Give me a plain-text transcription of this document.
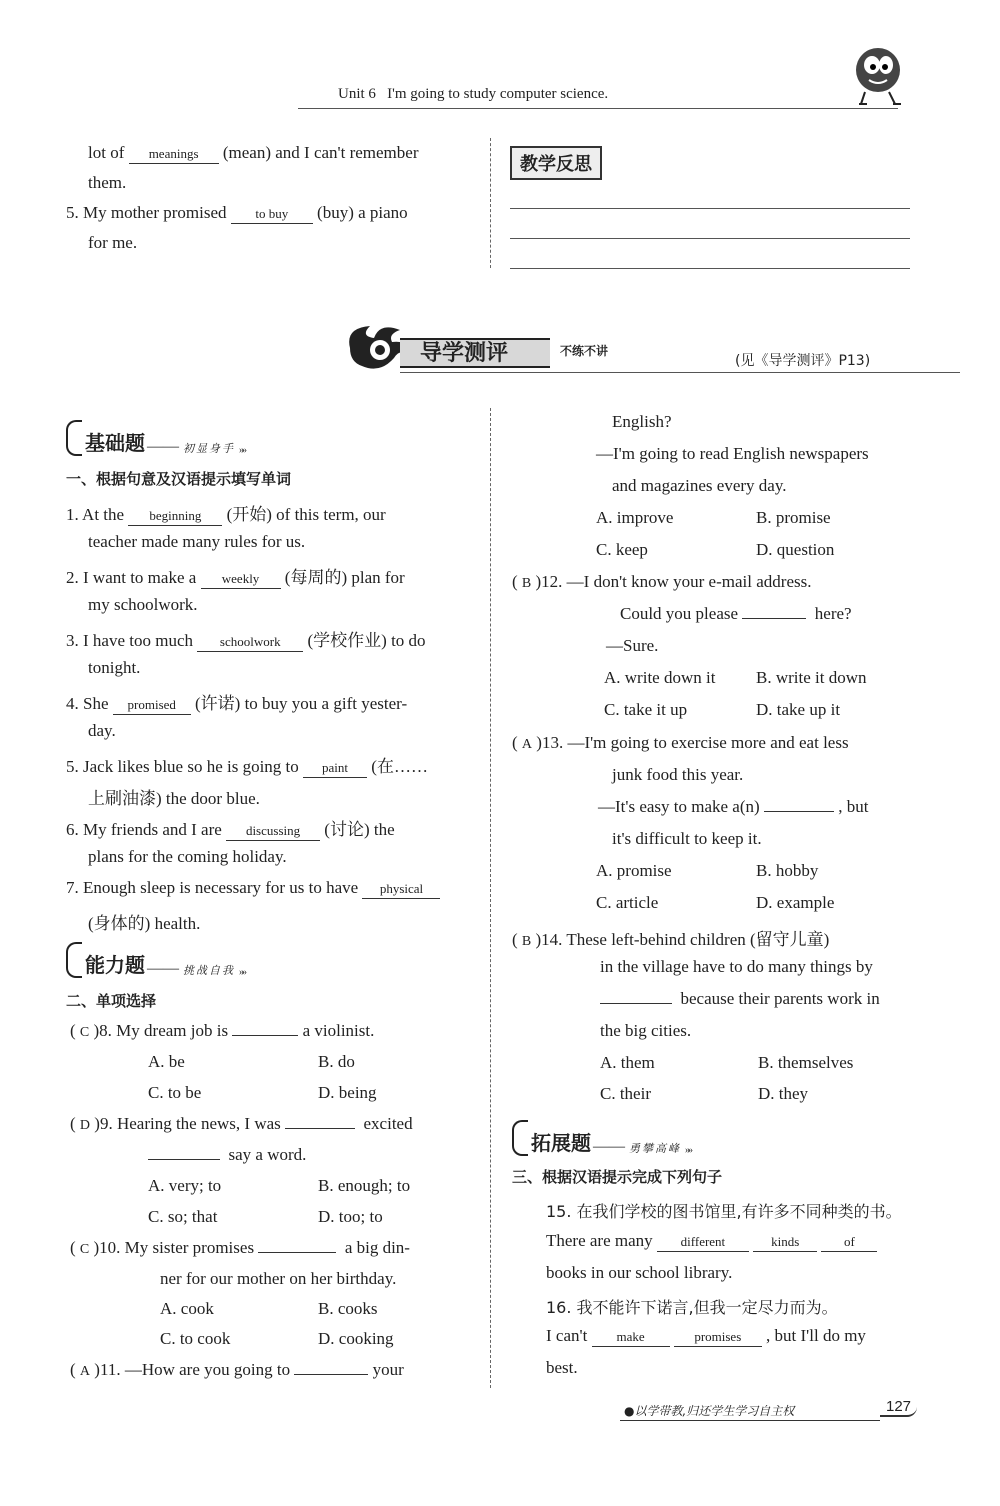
Unit 6 I'm going to study computer science.
lot of meanings (mean) and I can't remember
them.
5. My mother promised to buy (buy) a piano
for me.
教学反思
导学测评	不练不讲
(见《导学测评》P13)
基础题 —— 初显身手 »»
一、根据句意及汉语提示填写单词
1. At the beginning (开始) of this term, our
teacher made many rules for us.
2. I want to make a weekly (每周的) plan for
my schoolwork.
3. I have too much schoolwork (学校作业) to do
tonight.
4. She promised (许诺) to buy you a gift yester-
day.
5. Jack likes blue so he is going to paint (在……
上刷油漆) the door blue.
6. My friends and I are discussing (讨论) the
plans for the coming holiday.
7. Enough sleep is necessary for us to have physical
(身体的) health.
能力题 —— 挑战自我 »»
二、单项选择
( C )8. My dream job is	a violinist.
A. be	B. do
C. to be	D. being
( D )9. Hearing the news, I was	excited
say a word.
A. very; to	B. enough; to
C. so; that	D. too; to
( C )10. My sister promises	a big din-
ner for our mother on her birthday.
A. cook	B. cooks
C. to cook	D. cooking
( A )11. —How are you going to	your
English?
—I'm going to read English newspapers
and magazines every day.
A. improve	B. promise
C. keep	D. question
( B )12. —I don't know your e-mail address.
Could you please	here?
—Sure.
A. write down it B. write it down
C. take it up	D. take up it
( A )13. —I'm going to exercise more and eat less
junk food this year.
—It's easy to make a(n)	, but
it's difficult to keep it.
A. promise	B. hobby
C. article	D. example
( B )14. These left-behind children (留守儿童)
in the village have to do many things by
because their parents work in
the big cities.
A. them	B. themselves
C. their	D. they
拓展题 —— 勇攀高峰 »»
三、根据汉语提示完成下列句子
15. 在我们学校的图书馆里,有许多不同种类的书。
There are many different	kinds	of
books in our school library.
16. 我不能许下诺言,但我一定尽力而为。
I can't make	promises , but I'll do my
best.
●以学带教,归还学生学习自主权	127
